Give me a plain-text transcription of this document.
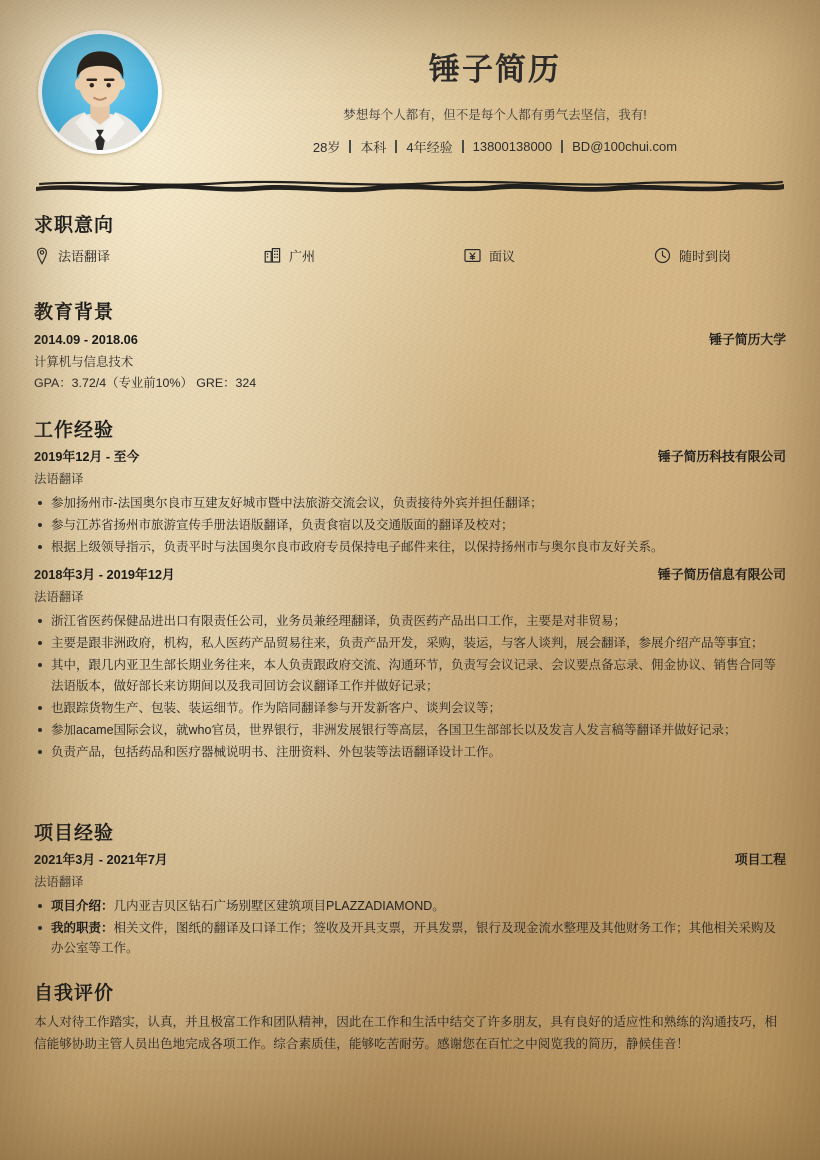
锤子简历
梦想每个人都有，但不是每个人都有勇气去坚信，我有!
28岁	本科	4年经验	13800138000	BD@100chui.com
求职意向
法语翻译	广州	面议	随时到岗
教育背景
2014.09 - 2018.06	锤子简历大学
计算机与信息技术
GPA：3.72/4（专业前10%） GRE：324
工作经验
2019年12月 - 至今	锤子简历科技有限公司
法语翻译
参加扬州市-法国奥尔良市互建友好城市暨中法旅游交流会议，负责接待外宾并担任翻译；
参与江苏省扬州市旅游宣传手册法语版翻译，负责食宿以及交通版面的翻译及校对；
根据上级领导指示，负责平时与法国奥尔良市政府专员保持电子邮件来往，以保持扬州市与奥尔良市友好关系。
2018年3月 - 2019年12月	锤子简历信息有限公司
法语翻译
浙江省医药保健品进出口有限责任公司，业务员兼经理翻译，负责医药产品出口工作，主要是对非贸易；
主要是跟非洲政府，机构，私人医药产品贸易往来，负责产品开发，采购，装运，与客人谈判，展会翻译，参展介绍产品等事宜；
其中，跟几内亚卫生部长期业务往来，本人负责跟政府交流、沟通环节，负责写会议记录、会议要点备忘录、佣金协议、销售合同等法语版本，做好部长来访期间以及我司回访会议翻译工作并做好记录；
也跟踪货物生产、包装、装运细节。作为陪同翻译参与开发新客户、谈判会议等；
参加acame国际会议，就who官员，世界银行，非洲发展银行等高层，各国卫生部部长以及发言人发言稿等翻译并做好记录；
负责产品，包括药品和医疗器械说明书、注册资料、外包装等法语翻译设计工作。
项目经验
2021年3月 - 2021年7月	项目工程
法语翻译
项目介绍：几内亚吉贝区钻石广场别墅区建筑项目PLAZZADIAMOND。
我的职责：相关文件，图纸的翻译及口译工作；签收及开具支票，开具发票，银行及现金流水整理及其他财务工作；其他相关采购及办公室等工作。
自我评价
本人对待工作踏实，认真，并且极富工作和团队精神，因此在工作和生活中结交了许多朋友，具有良好的适应性和熟练的沟通技巧，相信能够协助主管人员出色地完成各项工作。综合素质佳，能够吃苦耐劳。感谢您在百忙之中阅览我的简历，静候佳音！
